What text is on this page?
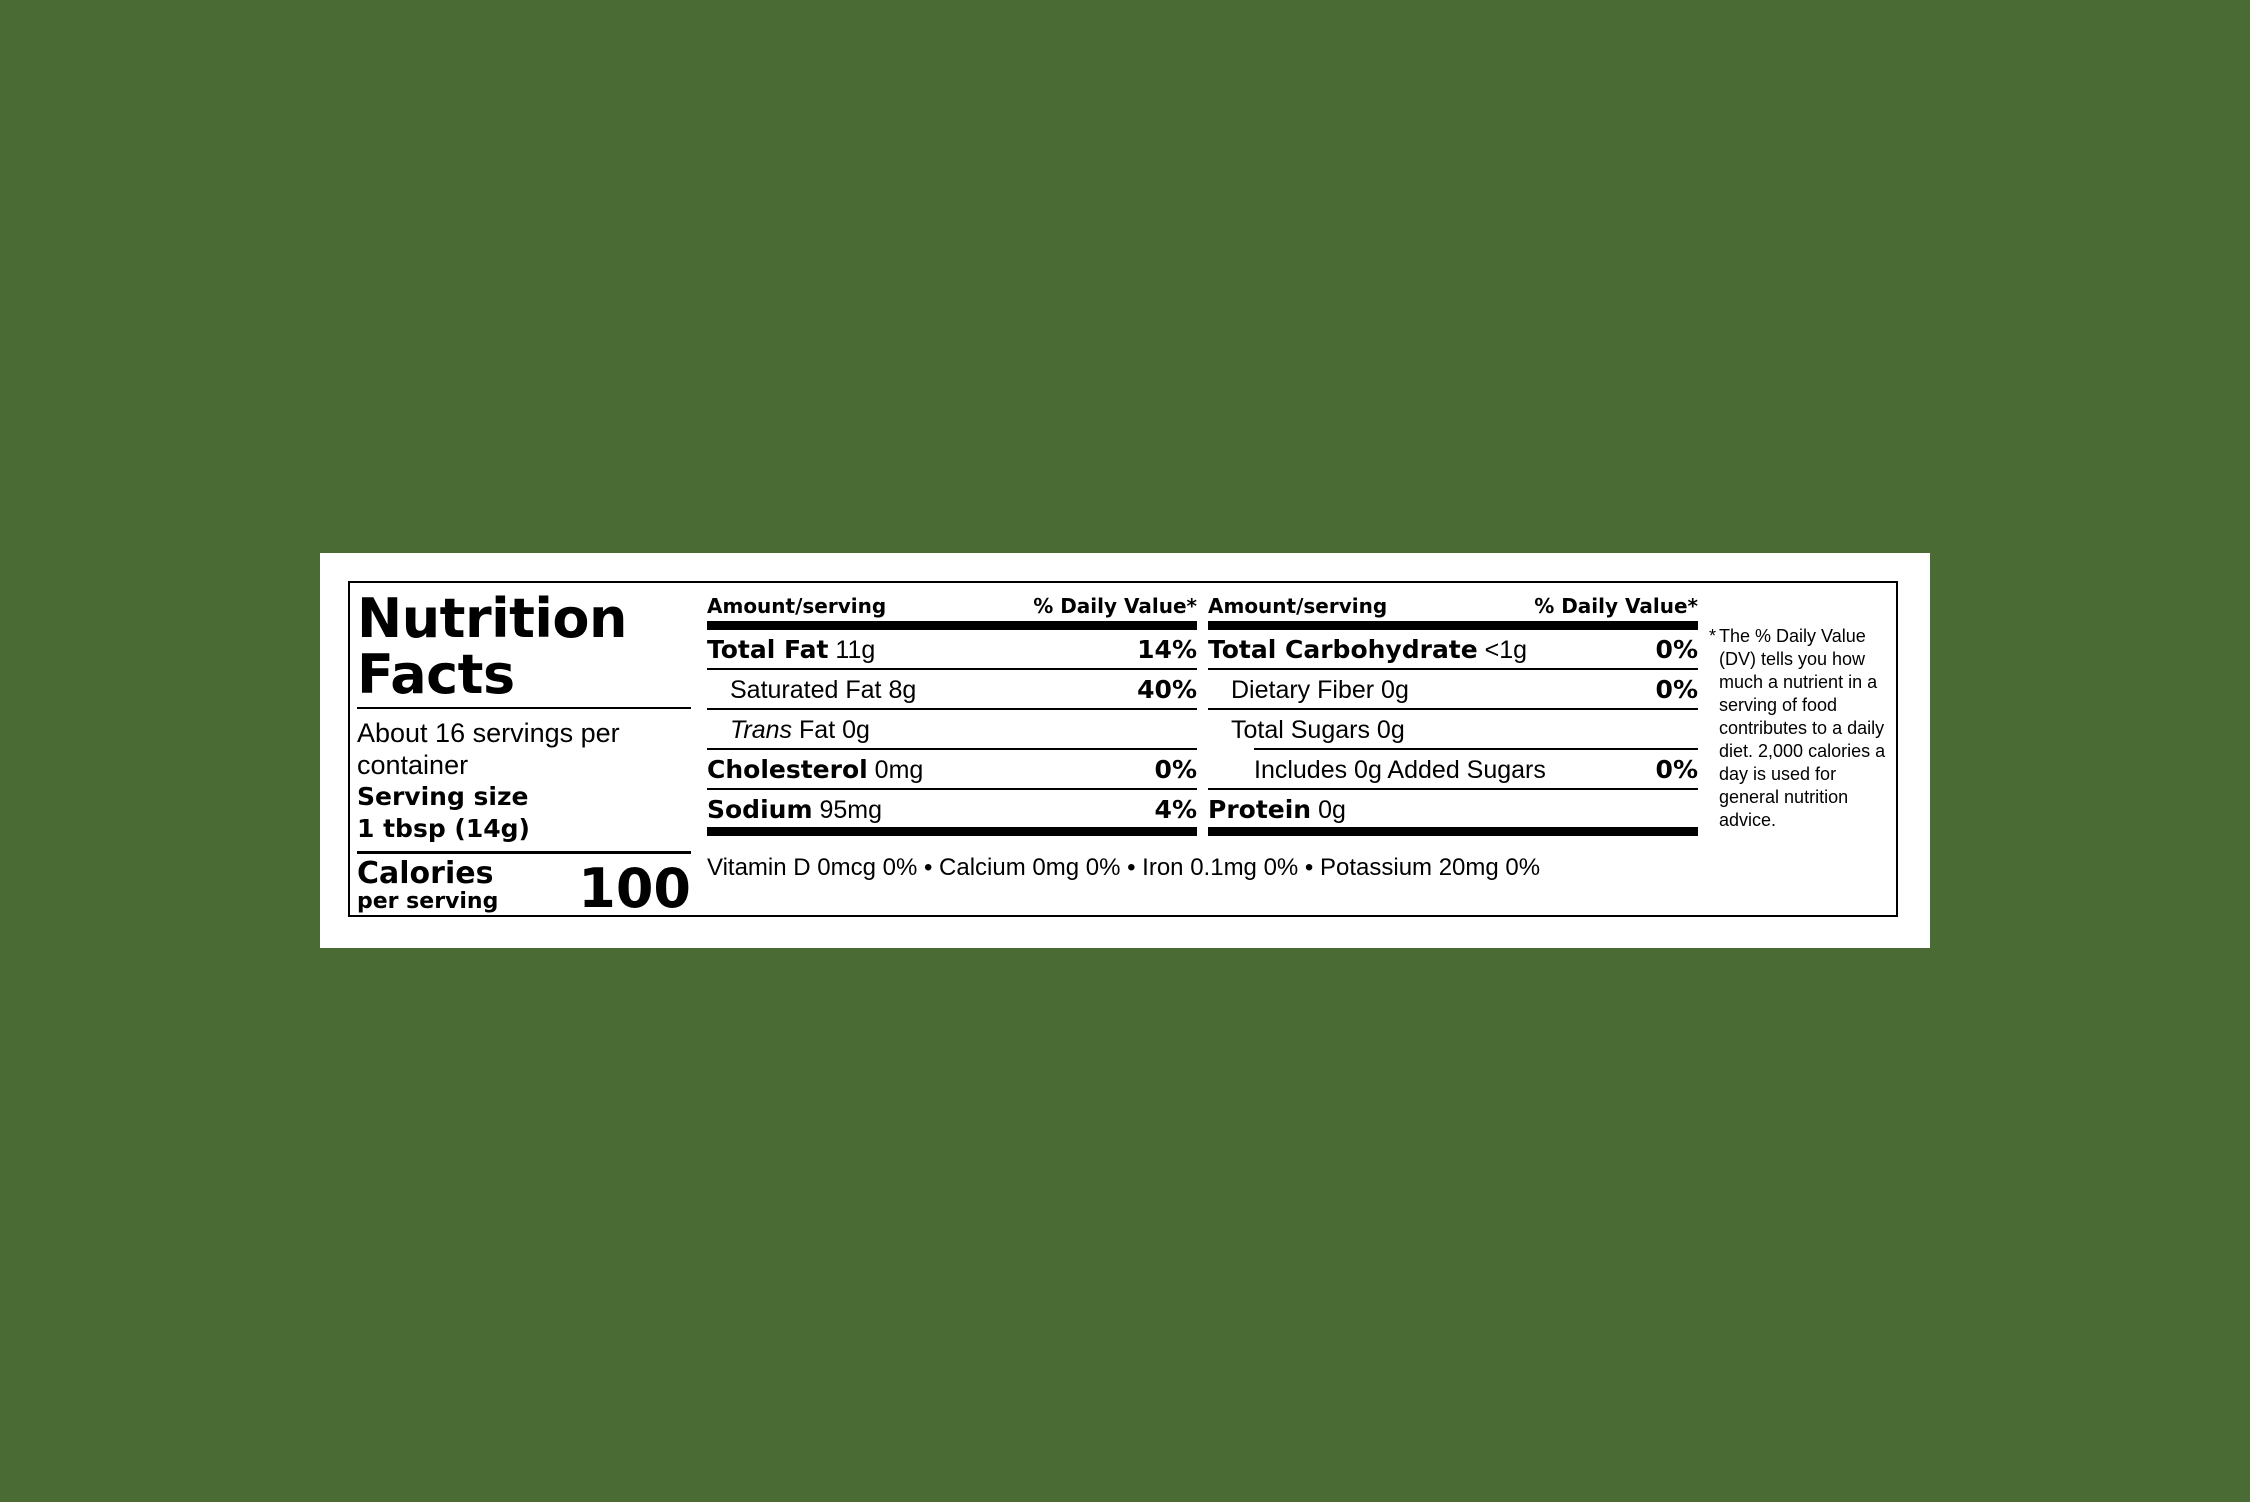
Nutrition
Facts
About 16 servings per container
Serving size
1 tbsp (14g)
Calories
per serving 100
Amount/serving	% Daily Value*
Total Fat 11g	14%
Saturated Fat 8g	40%
Trans Fat 0g
Cholesterol 0mg	0%
Sodium 95mg	4%
Amount/serving	% Daily Value*
Total Carbohydrate <1g	0%
Dietary Fiber 0g	0%
Total Sugars 0g
Includes 0g Added Sugars	0%
Protein 0g
Vitamin D 0mcg 0% • Calcium 0mg 0% • Iron 0.1mg 0% • Potassium 20mg 0%
* The % Daily Value (DV) tells you how much a nutrient in a serving of food contributes to a daily diet. 2,000 calories a day is used for general nutrition advice.
